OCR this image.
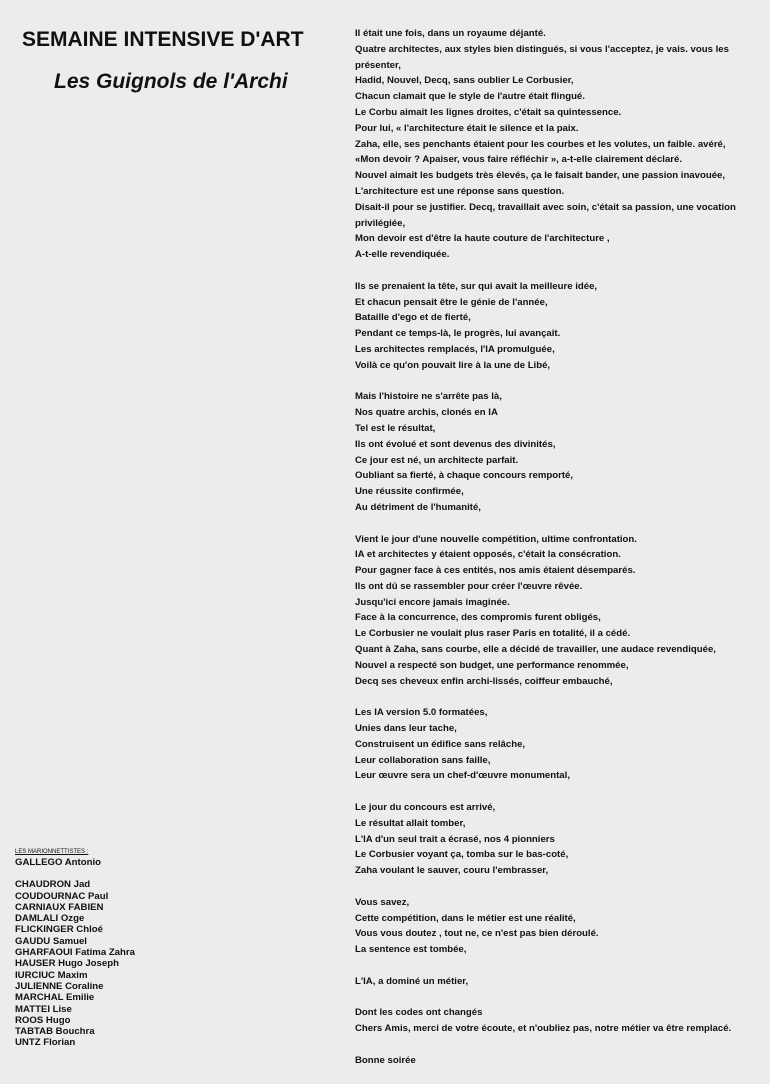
SEMAINE INTENSIVE D'ART
Les Guignols de l'Archi
Il était une fois, dans un royaume déjanté.
Quatre architectes, aux styles bien distingués, si vous l'acceptez, je vais. vous les présenter,
Hadid, Nouvel, Decq, sans oublier Le Corbusier,
Chacun clamait que le style de l'autre était flingué.
Le Corbu aimait les lignes droites, c'était sa quintessence.
Pour lui, « l'architecture était le silence et la paix.
Zaha, elle, ses penchants étaient pour les courbes et les volutes, un faible. avéré,
«Mon devoir ? Apaiser, vous faire réfléchir », a-t-elle clairement déclaré.
Nouvel aimait les budgets très élevés, ça le faisait bander, une passion inavouée,
L'architecture est une réponse sans question.
Disait-il pour se justifier. Decq, travaillait avec soin, c'était sa passion, une vocation privilégiée,
Mon devoir est d'être la haute couture de l'architecture ,
A-t-elle revendiquée.
Ils se prenaient la tête, sur qui avait la meilleure idée,
Et chacun pensait être le génie de l'année,
Bataille d'ego et de fierté,
Pendant ce temps-là, le progrès, lui avançait.
Les architectes remplacés, l'IA promulguée,
Voilà ce qu'on pouvait lire à la une de Libé,
Mais l'histoire ne s'arrête pas là,
Nos quatre archis, clonés en IA
Tel est le résultat,
Ils ont évolué et sont devenus des divinités,
Ce jour est né, un architecte parfait.
Oubliant sa fierté, à chaque concours remporté,
Une réussite confirmée,
Au détriment de l'humanité,
Vient le jour d'une nouvelle compétition, ultime confrontation.
IA et architectes y étaient opposés, c'était la consécration.
Pour gagner face à ces entités, nos amis étaient désemparés.
Ils ont dû se rassembler pour créer l'œuvre rêvée.
Jusqu'ici encore jamais imaginée.
Face à la concurrence, des compromis furent obligés,
Le Corbusier ne voulait plus raser Paris en totalité, il a cédé.
Quant à Zaha, sans courbe, elle a décidé de travailler, une audace revendiquée,
Nouvel a respecté son budget, une performance renommée,
Decq ses cheveux enfin archi-lissés, coiffeur embauché,
Les IA version 5.0 formatées,
Unies dans leur tache,
Construisent un édifice sans relâche,
Leur collaboration sans faille,
Leur œuvre sera un chef-d'œuvre monumental,
Le jour du concours est arrivé,
Le résultat allait tomber,
L'IA d'un seul trait a écrasé, nos 4 pionniers
Le Corbusier voyant ça, tomba sur le bas-coté,
Zaha voulant le sauver, couru l'embrasser,
Vous savez,
Cette compétition, dans le métier est une réalité,
Vous vous doutez , tout ne, ce n'est pas bien déroulé.
La sentence est tombée,
L'IA, a dominé un métier,
Dont les codes ont changés
Chers Amis, merci de votre écoute, et n'oubliez pas, notre métier va être remplacé.
Bonne soirée
LES MARIONNETTISTES :
GALLEGO Antonio
CHAUDRON Jad
COUDOURNAC Paul
CARNIAUX FABIEN
DAMLALI Ozge
FLICKINGER Chloé
GAUDU Samuel
GHARFAOUI Fatima Zahra
HAUSER Hugo Joseph
IURCIUC Maxim
JULIENNE Coraline
MARCHAL Emilie
MATTEI Lise
ROOS Hugo
TABTAB Bouchra
UNTZ Florian
